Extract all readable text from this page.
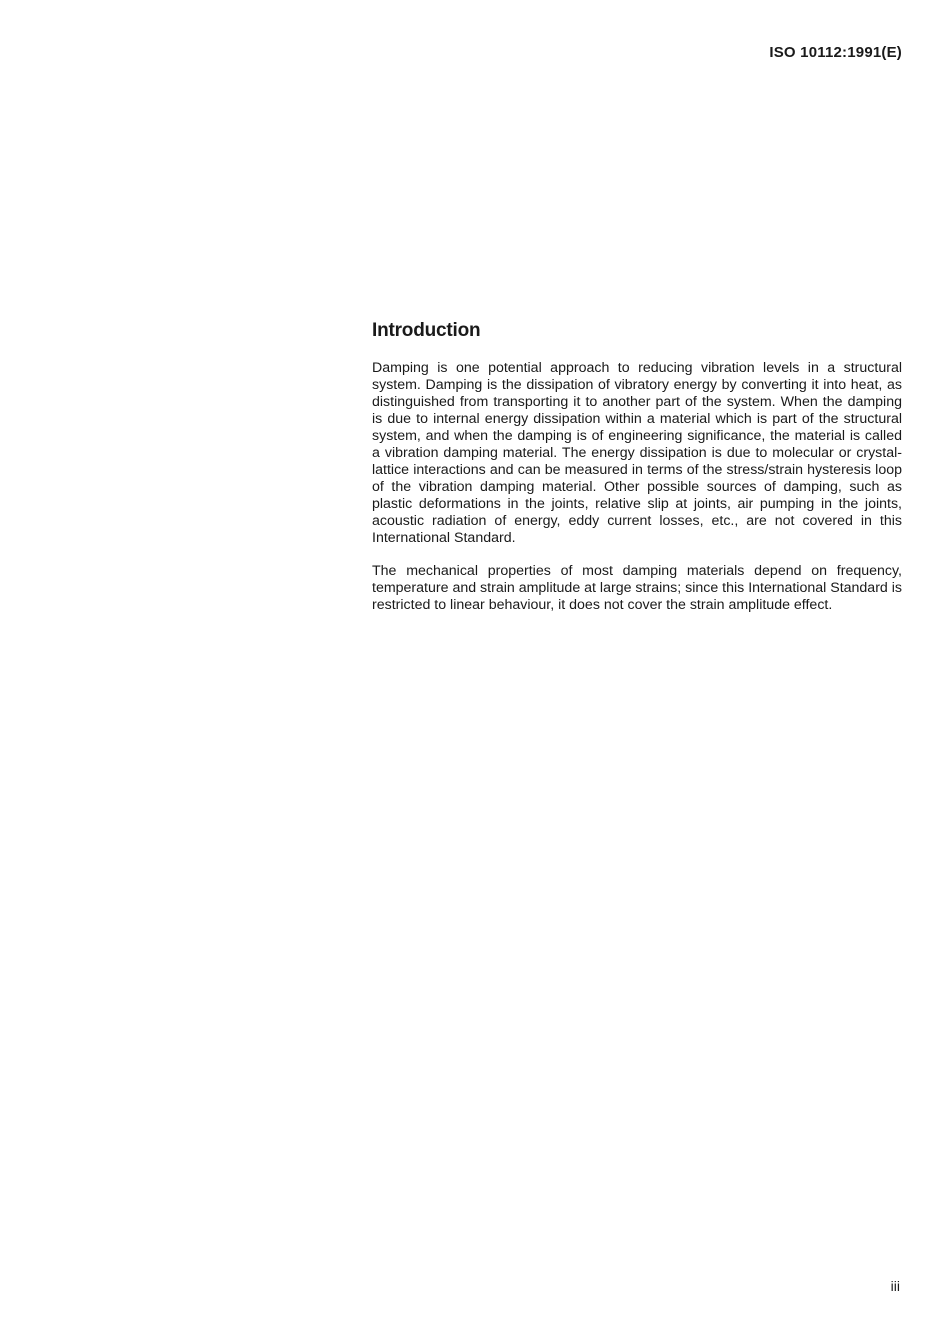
ISO 10112:1991(E)
Introduction

Damping is one potential approach to reducing vibration levels in a structural system. Damping is the dissipation of vibratory energy by converting it into heat, as distinguished from transporting it to another part of the system. When the damping is due to internal energy dissipation within a material which is part of the structural system, and when the damping is of engineering significance, the material is called a vibration damping material. The energy dissipation is due to molecular or crystal-lattice interactions and can be measured in terms of the stress/strain hysteresis loop of the vibration damping material. Other possible sources of damping, such as plastic deformations in the joints, relative slip at joints, air pumping in the joints, acoustic radiation of energy, eddy current losses, etc., are not covered in this International Standard.

The mechanical properties of most damping materials depend on frequency, temperature and strain amplitude at large strains; since this International Standard is restricted to linear behaviour, it does not cover the strain amplitude effect.

iii
